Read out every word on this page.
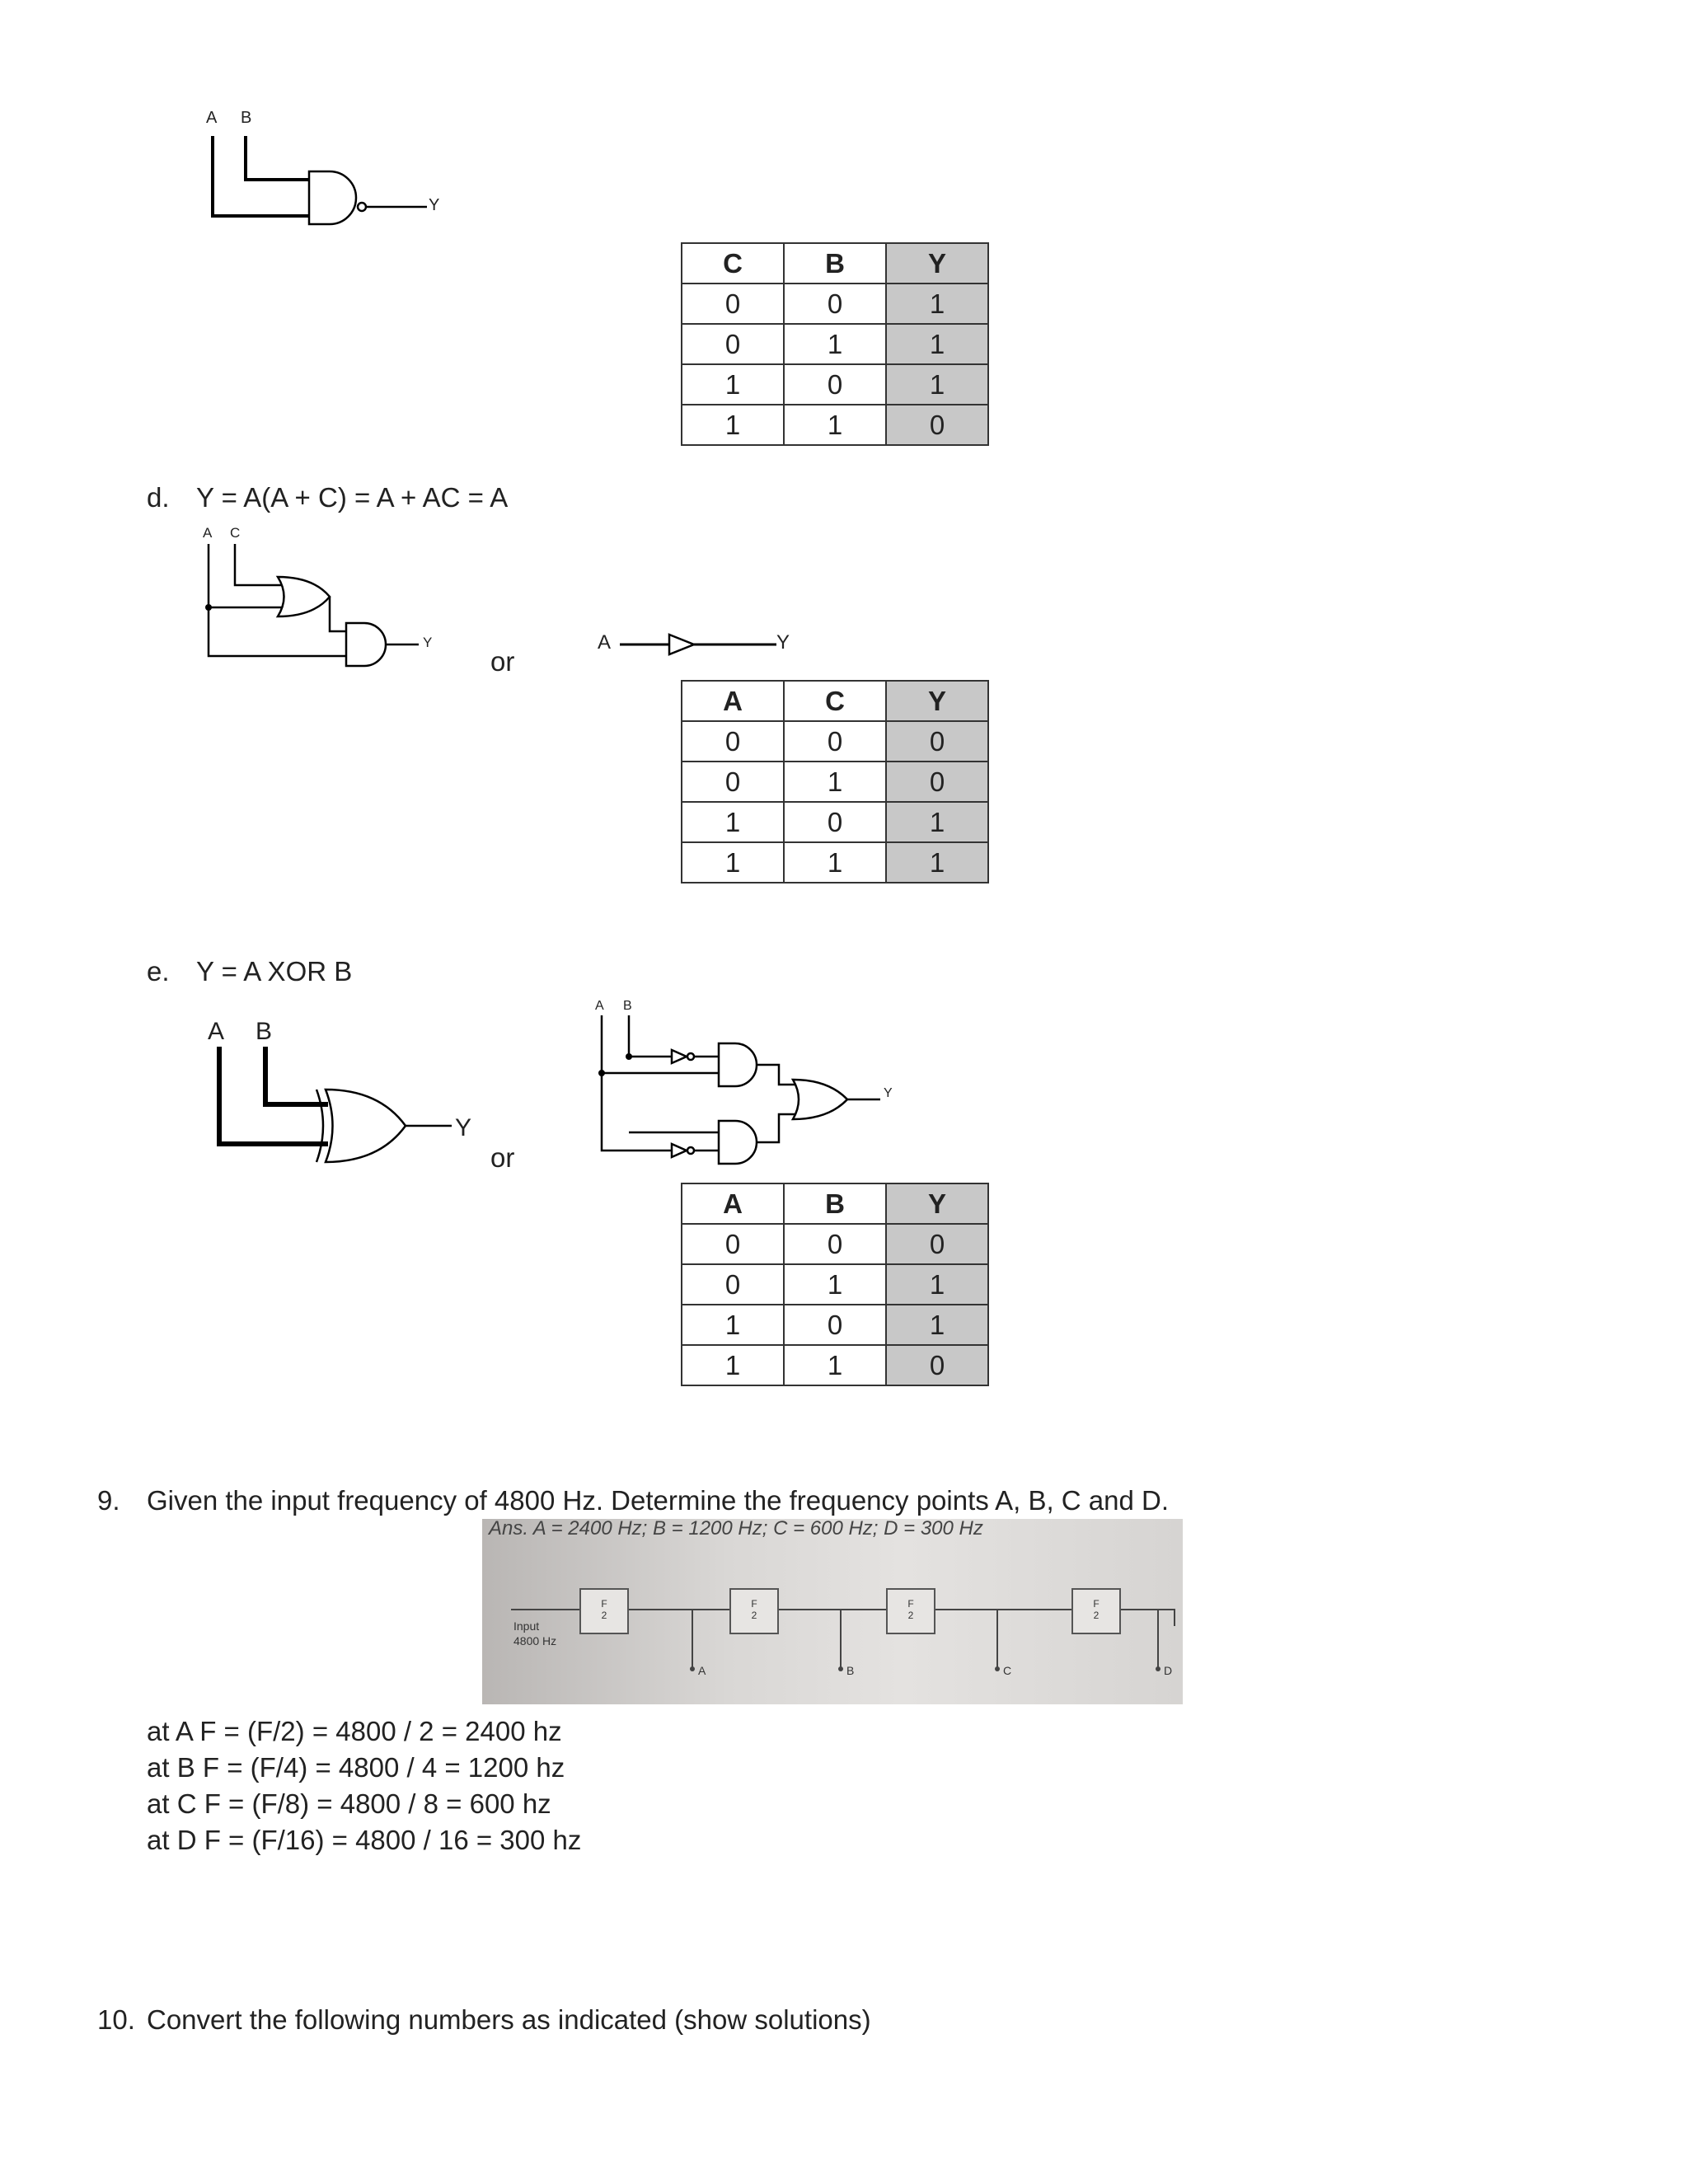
A B
Y
C	B	Y
0	0	1
0	1	1
1	0	1
1	1	0
d. Y = A(A + C) = A + AC = A
A C
Y
or
A	Y
A	C	Y
0	0	0
0	1	0
1	0	1
1	1	1
e. Y = A XOR B
A B
Y
or
A B
Y
A	B	Y
0	0	0
0	1	1
1	0	1
1	1	0
9. Given the input frequency of 4800 Hz. Determine the frequency points A, B, C and D.
Ans. A = 2400 Hz; B = 1200 Hz; C = 600 Hz; D = 300 Hz
F
2
F
2
F
2
F
2
Input
4800 Hz
A	B	C	D
at A F = (F/2) = 4800 / 2 = 2400 hz
at B F = (F/4) = 4800 / 4 = 1200 hz
at C F = (F/8) = 4800 / 8 = 600 hz
at D F = (F/16) = 4800 / 16 = 300 hz
10. Convert the following numbers as indicated (show solutions)
